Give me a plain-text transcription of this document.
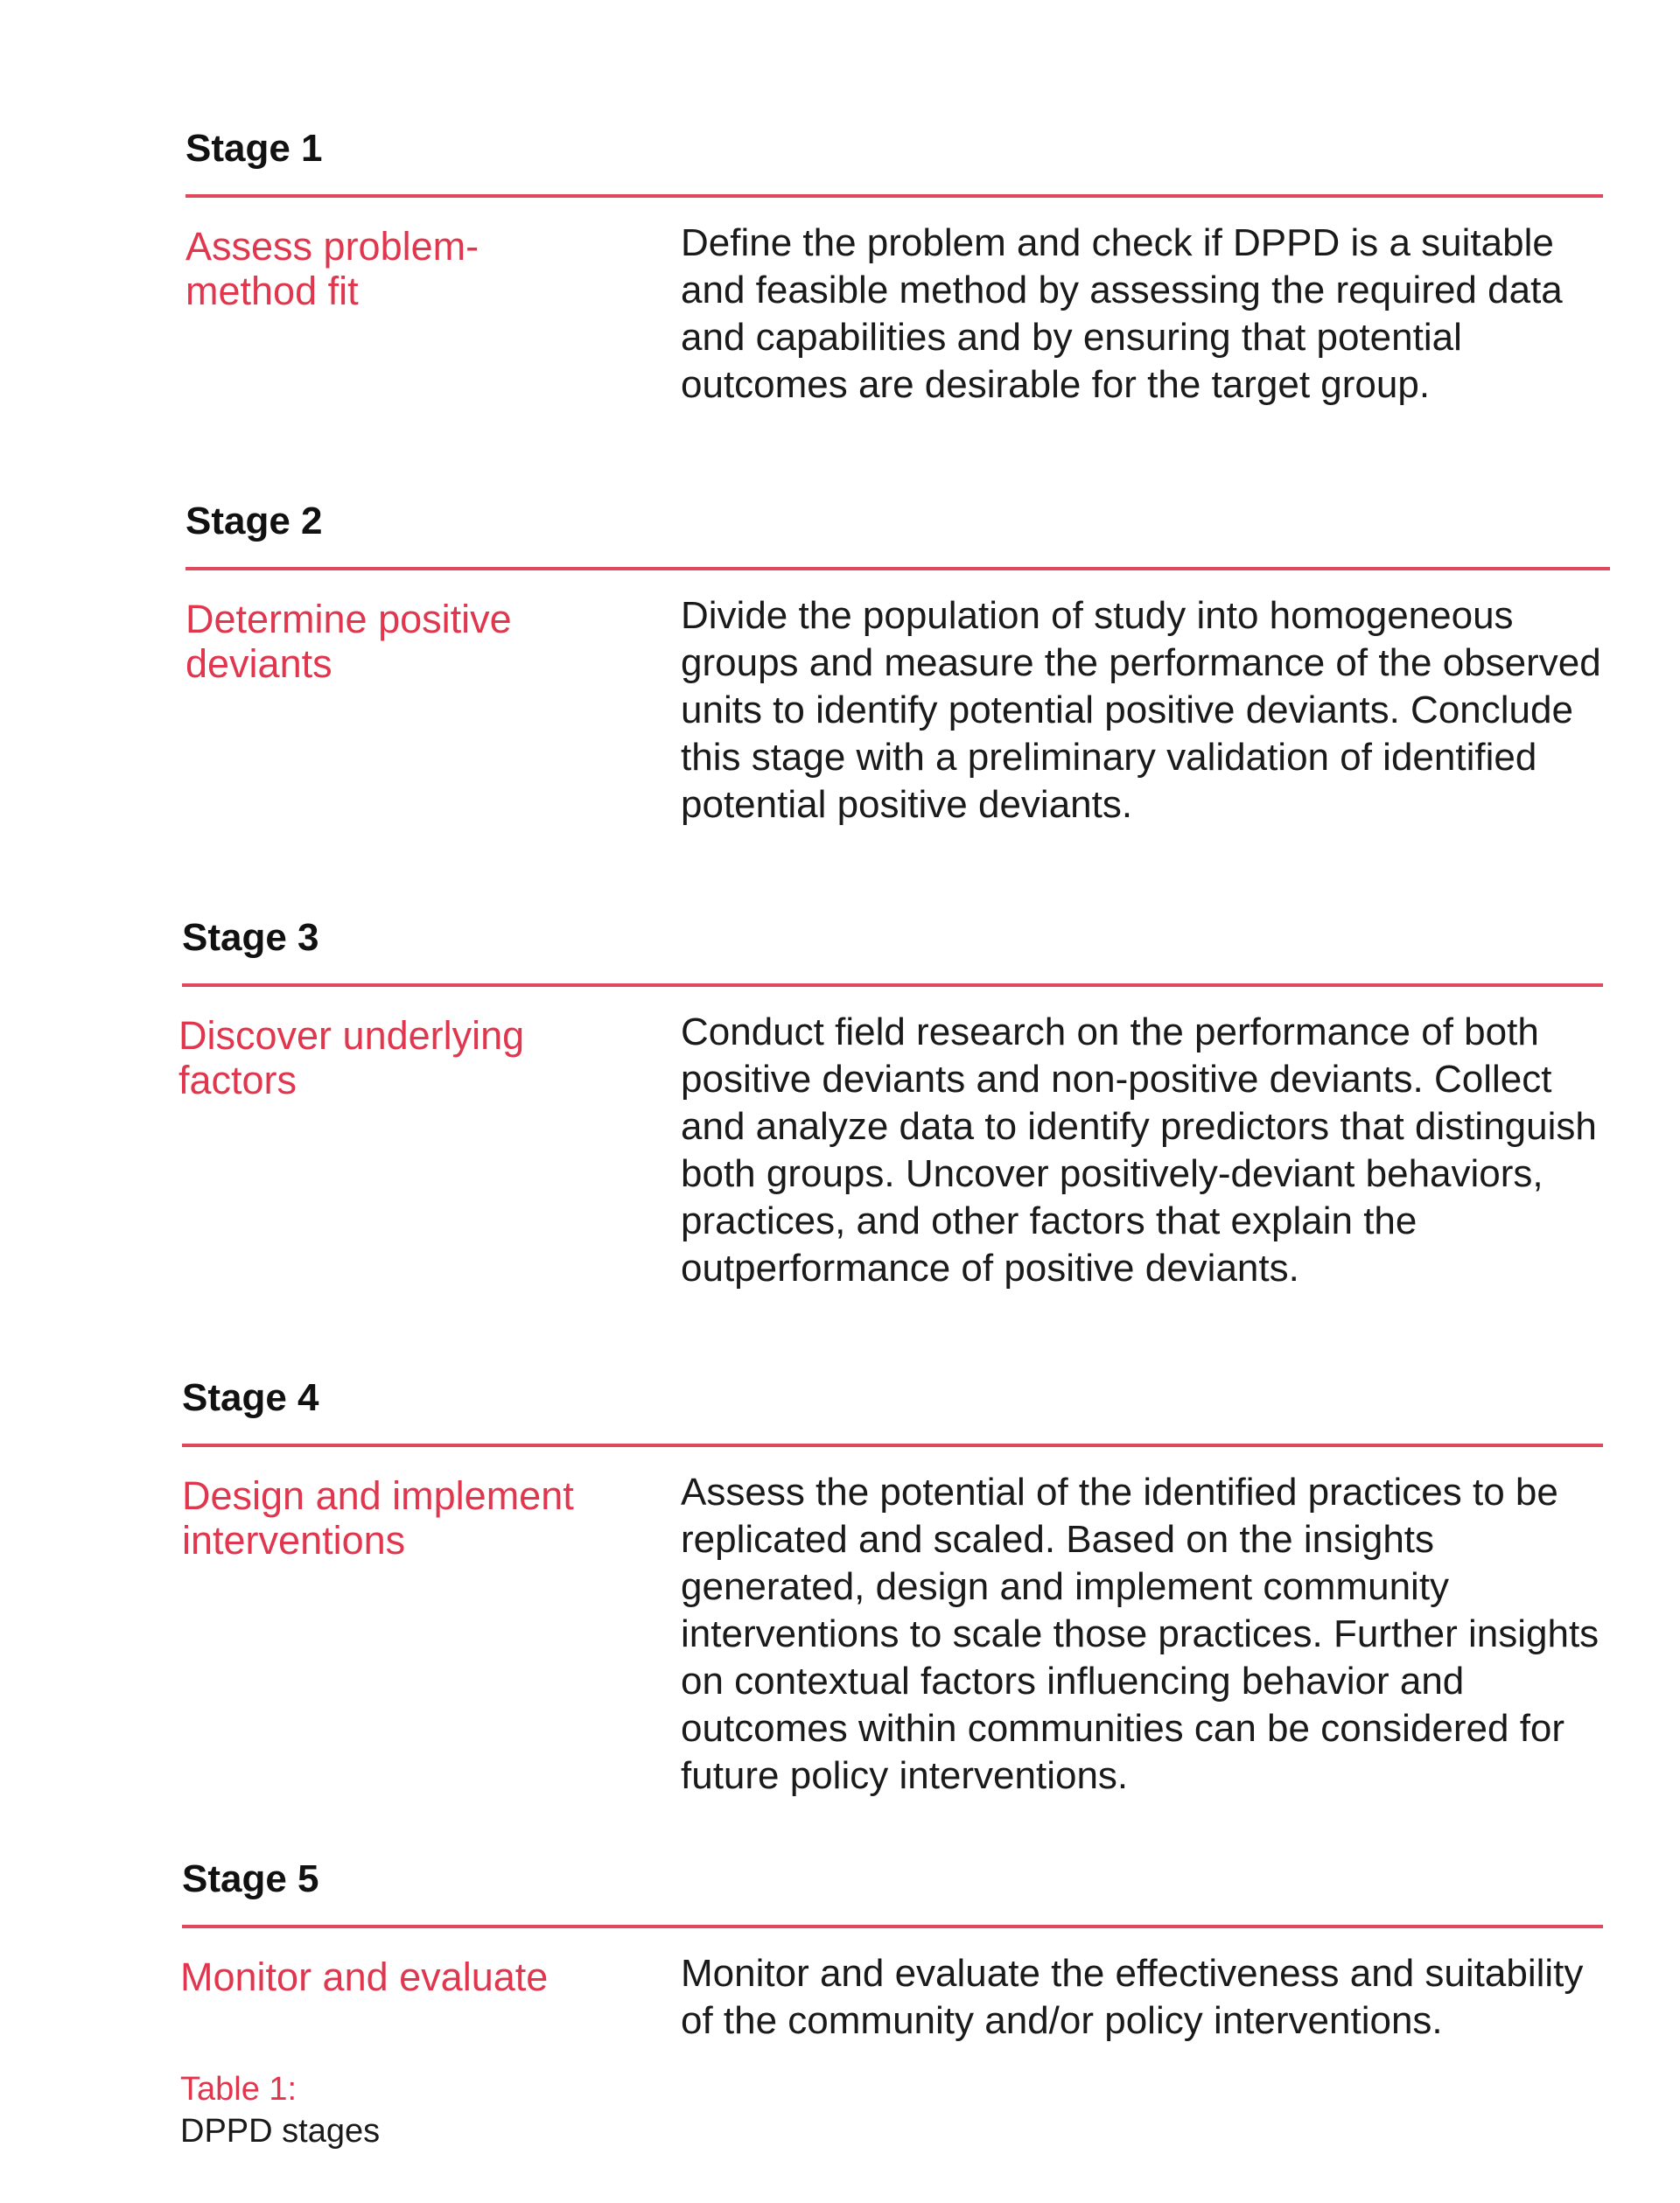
Stage 1

Assess problem-method fit

Define the problem and check if DPPD is a suitable and feasible method by assessing the required data and capabilities and by ensuring that potential outcomes are desirable for the target group.

Stage 2

Determine positive deviants

Divide the population of study into homogeneous groups and measure the performance of the observed units to identify potential positive deviants. Conclude this stage with a preliminary validation of identified potential positive deviants.

Stage 3

Discover underlying factors

Conduct field research on the performance of both positive deviants and non-positive deviants. Collect and analyze data to identify predictors that distinguish both groups. Uncover positively-deviant behaviors, practices, and other factors that explain the outperformance of positive deviants.

Stage 4

Design and implement interventions

Assess the potential of the identified practices to be replicated and scaled. Based on the insights generated, design and implement community interventions to scale those practices. Further insights on contextual factors influencing behavior and outcomes within communities can be considered for future policy interventions.

Stage 5

Monitor and evaluate	Monitor and evaluate the effectiveness and suitability of the community and/or policy interventions.

Table 1:
DPPD stages
